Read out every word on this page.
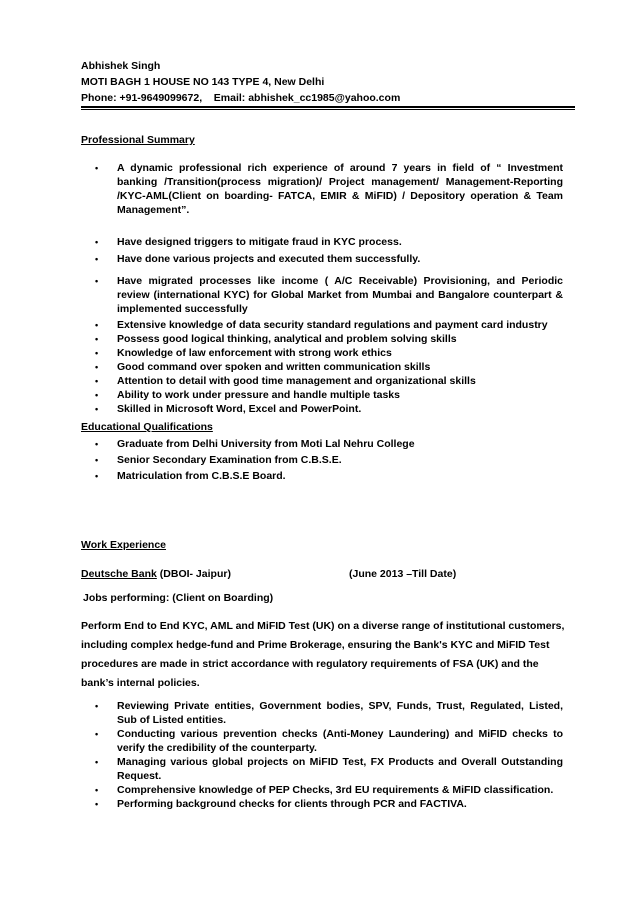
Abhishek Singh
MOTI BAGH 1 HOUSE NO 143 TYPE 4, New Delhi
Phone: +91-9649099672,    Email: abhishek_cc1985@yahoo.com
Professional Summary
• A dynamic professional rich experience of around 7 years in field of “ Investment banking /Transition(process migration)/ Project management/ Management-Reporting /KYC-AML(Client on boarding- FATCA, EMIR & MiFID) / Depository operation & Team Management”.
• Have designed triggers to mitigate fraud in KYC process.
• Have done various projects and executed them successfully.
• Have migrated processes like income ( A/C Receivable) Provisioning, and Periodic review (international KYC) for Global Market from Mumbai and Bangalore counterpart & implemented successfully
• Extensive knowledge of data security standard regulations and payment card industry
• Possess good logical thinking, analytical and problem solving skills
• Knowledge of law enforcement with strong work ethics
• Good command over spoken and written communication skills
• Attention to detail with good time management and organizational skills
• Ability to work under pressure and handle multiple tasks
• Skilled in Microsoft Word, Excel and PowerPoint.
Educational Qualifications
• Graduate from Delhi University from Moti Lal Nehru College
• Senior Secondary Examination from C.B.S.E.
• Matriculation from C.B.S.E Board.
Work Experience
Deutsche Bank (DBOI- Jaipur)	(June 2013 –Till Date)
Jobs performing: (Client on Boarding)
Perform End to End KYC, AML and MiFID Test (UK) on a diverse range of institutional customers, including complex hedge-fund and Prime Brokerage, ensuring the Bank's KYC and MiFID Test procedures are made in strict accordance with regulatory requirements of FSA (UK) and the bank’s internal policies.
• Reviewing Private entities, Government bodies, SPV, Funds, Trust, Regulated, Listed, Sub of Listed entities.
• Conducting various prevention checks (Anti-Money Laundering) and MiFID checks to verify the credibility of the counterparty.
• Managing various global projects on MiFID Test, FX Products and Overall Outstanding Request.
• Comprehensive knowledge of PEP Checks, 3rd EU requirements & MiFID classification.
• Performing background checks for clients through PCR and FACTIVA.
